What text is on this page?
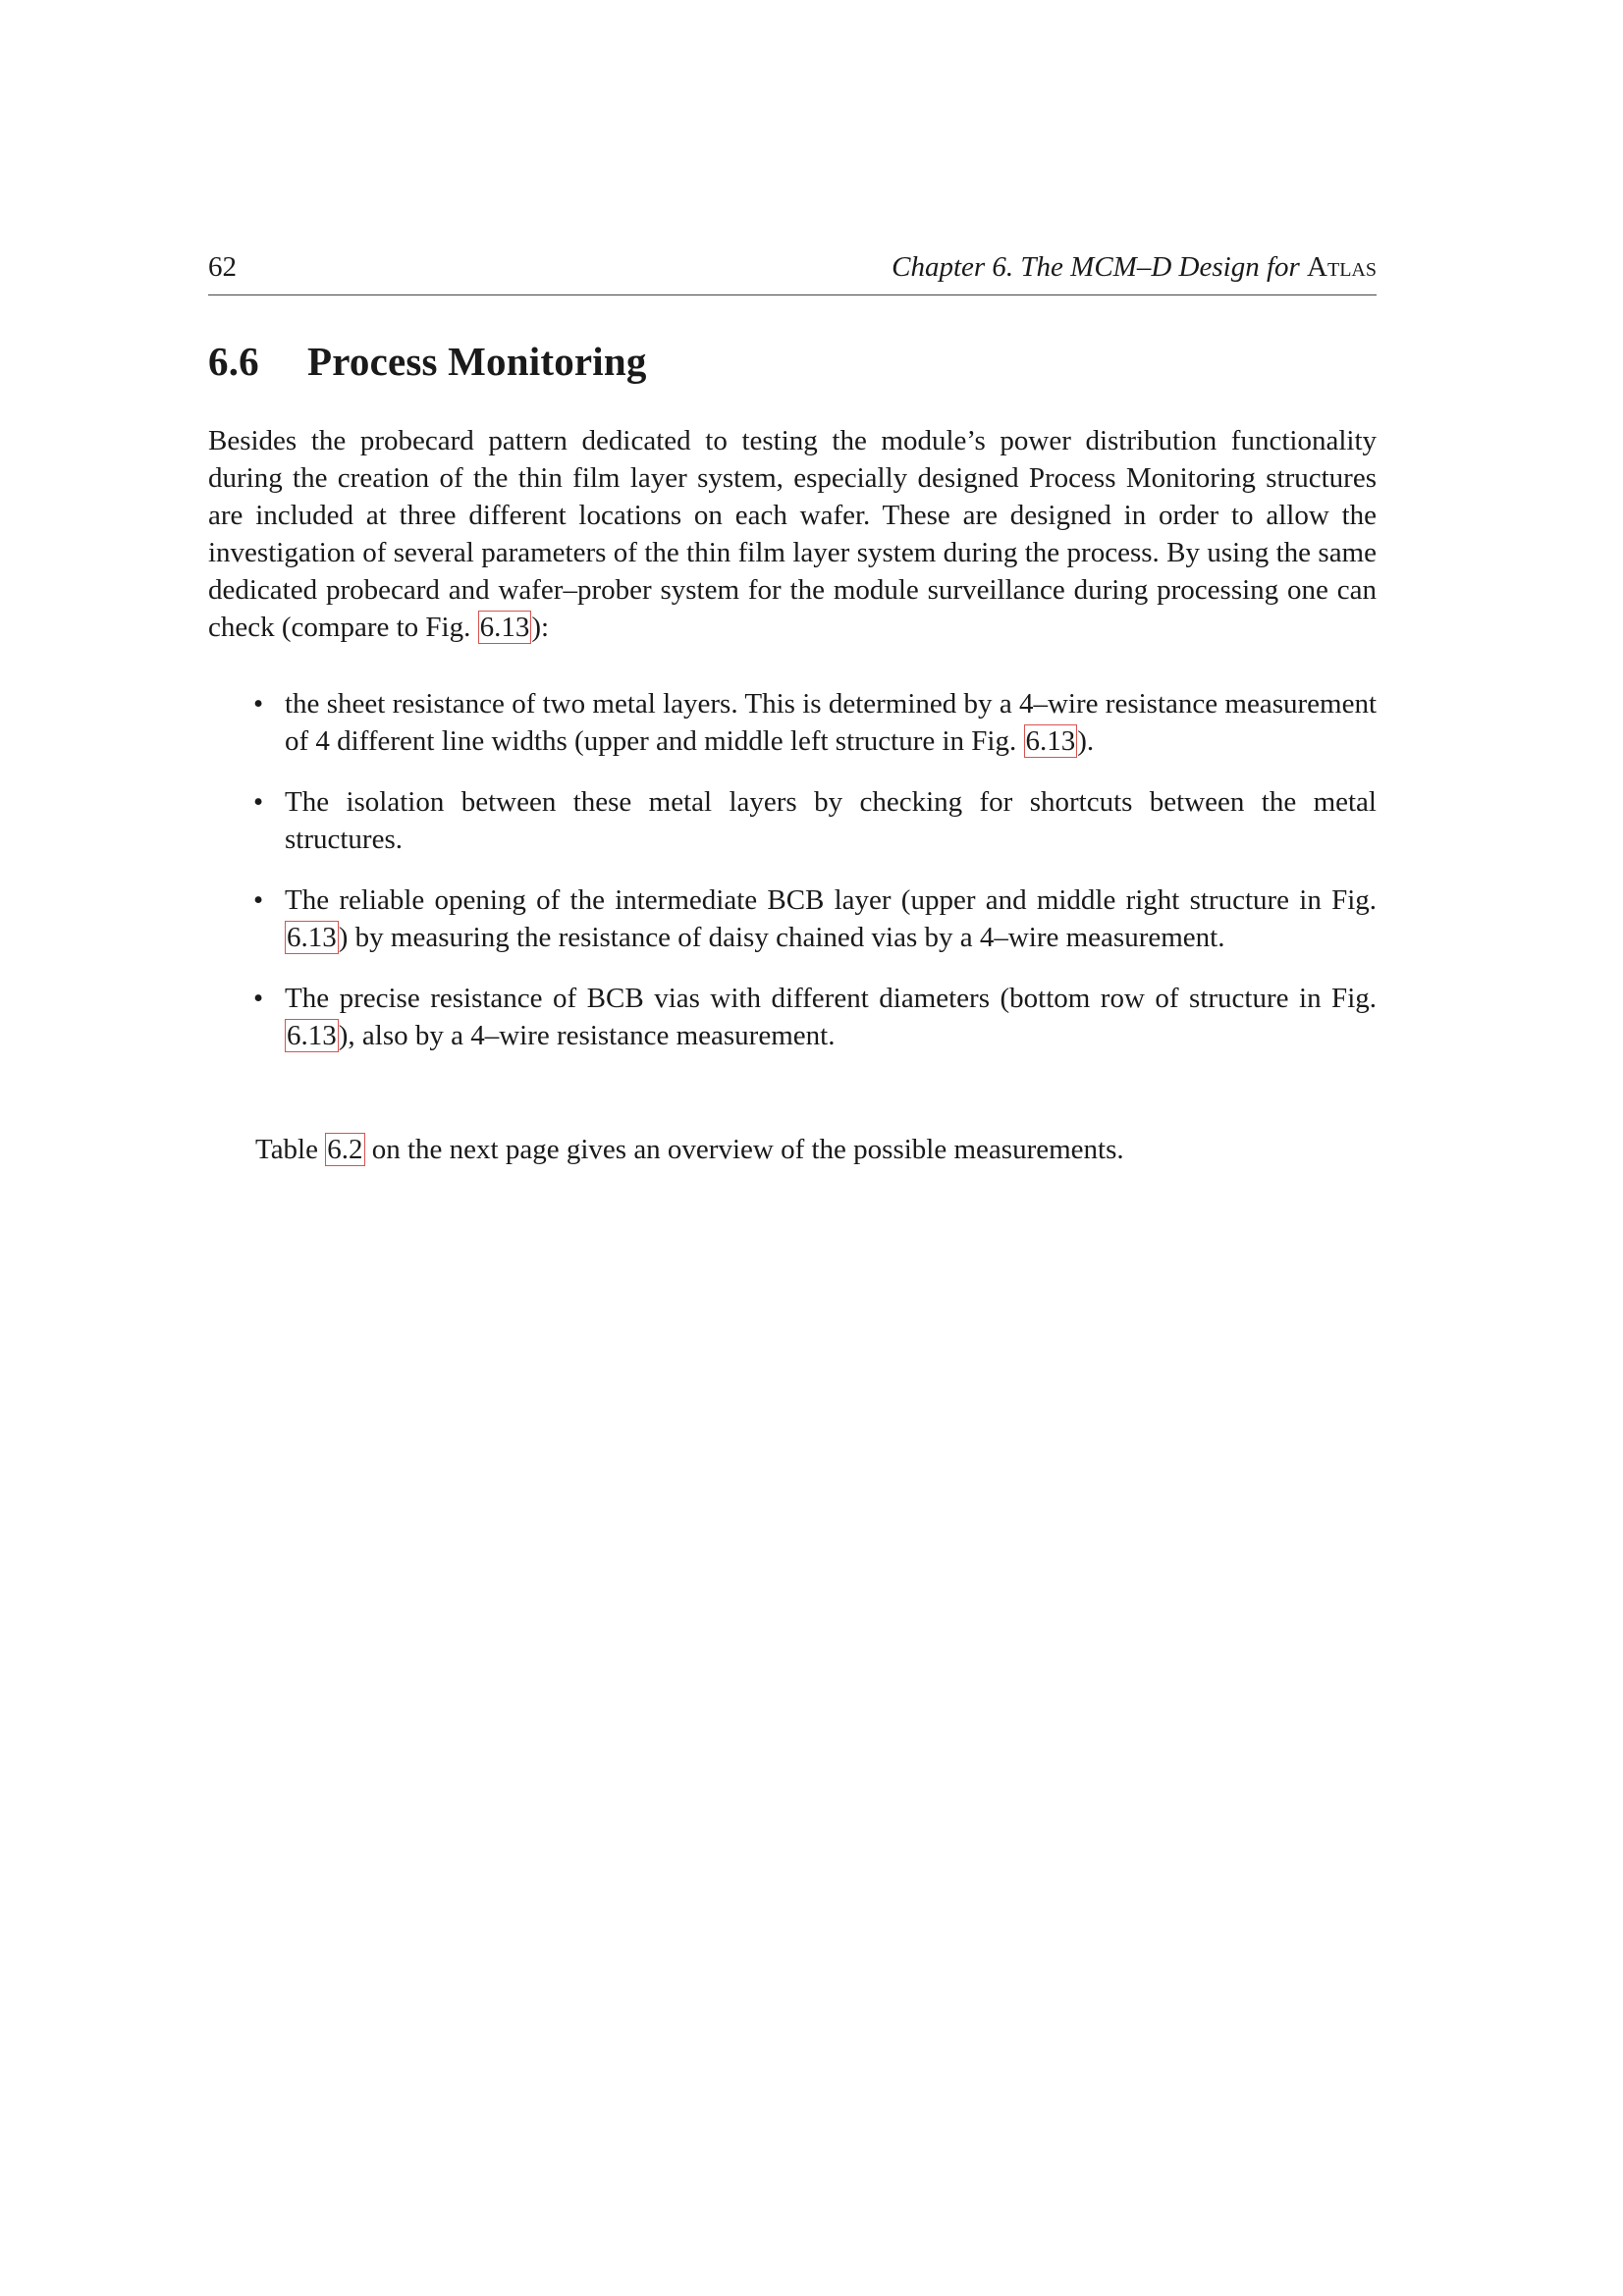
62	Chapter 6. The MCM–D Design for Atlas
6.6 Process Monitoring

Besides the probecard pattern dedicated to testing the module’s power distribution functionality during the creation of the thin film layer system, especially designed Process Monitoring structures are included at three different locations on each wafer. These are designed in order to allow the investigation of several parameters of the thin film layer system during the process. By using the same dedicated probecard and wafer–prober system for the module surveillance during processing one can check (compare to Fig. 6.13):

• the sheet resistance of two metal layers. This is determined by a 4–wire resistance measurement of 4 different line widths (upper and middle left structure in Fig. 6.13).
• The isolation between these metal layers by checking for shortcuts between the metal structures.
• The reliable opening of the intermediate BCB layer (upper and middle right structure in Fig. 6.13) by measuring the resistance of daisy chained vias by a 4–wire measurement.
• The precise resistance of BCB vias with different diameters (bottom row of structure in Fig. 6.13), also by a 4–wire resistance measurement.

Table 6.2 on the next page gives an overview of the possible measurements.
